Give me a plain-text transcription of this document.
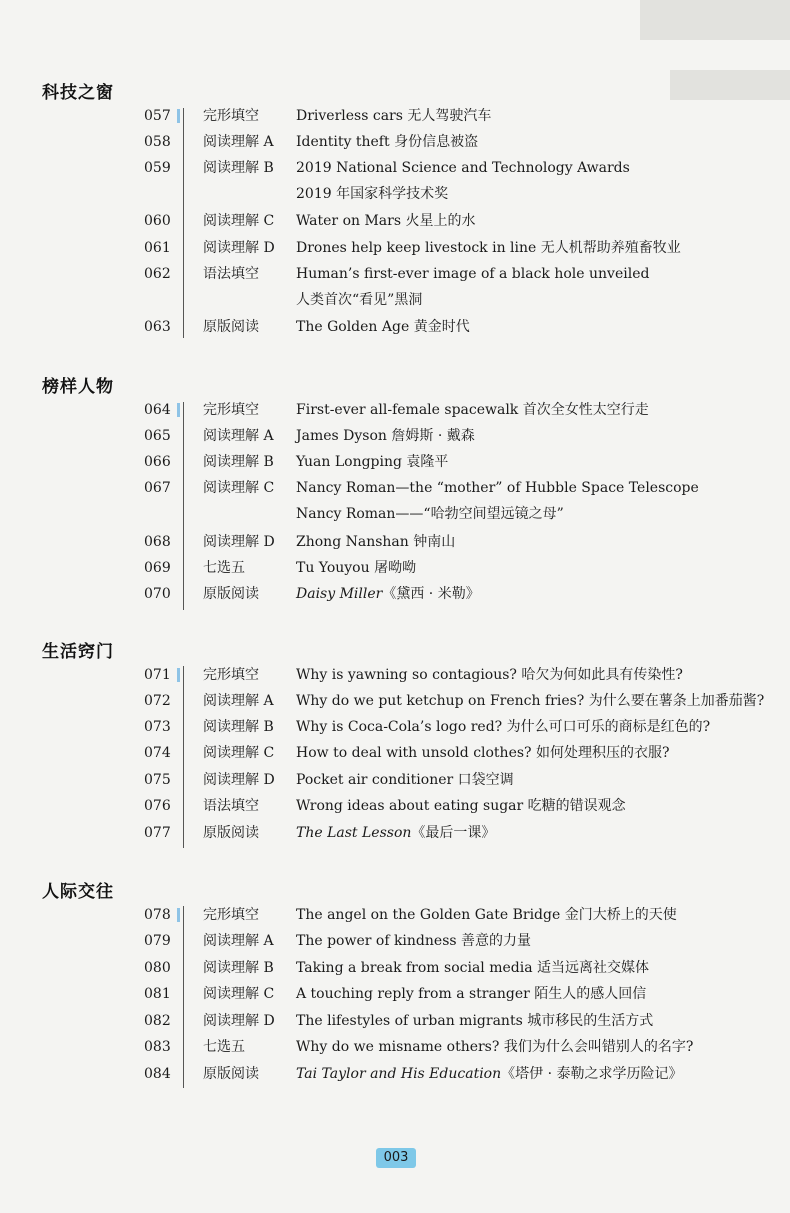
科技之窗
057	完形填空	Driverless cars 无人驾驶汽车
058	阅读理解 A	Identity theft 身份信息被盗
059	阅读理解 B	2019 National Science and Technology Awards
2019 年国家科学技术奖
060	阅读理解 C	Water on Mars 火星上的水
061	阅读理解 D	Drones help keep livestock in line 无人机帮助养殖畜牧业
062	语法填空	Human’s first-ever image of a black hole unveiled
人类首次“看见”黑洞
063	原版阅读	The Golden Age 黄金时代
榜样人物
064	完形填空	First-ever all-female spacewalk 首次全女性太空行走
065	阅读理解 A	James Dyson 詹姆斯 · 戴森
066	阅读理解 B	Yuan Longping 袁隆平
067	阅读理解 C	Nancy Roman—the “mother” of Hubble Space Telescope
Nancy Roman——“哈勃空间望远镜之母”
068	阅读理解 D	Zhong Nanshan 钟南山
069	七选五	Tu Youyou 屠呦呦
070	原版阅读	Daisy Miller《黛西 · 米勒》
生活窍门
071	完形填空	Why is yawning so contagious? 哈欠为何如此具有传染性?
072	阅读理解 A	Why do we put ketchup on French fries? 为什么要在薯条上加番茄酱?
073	阅读理解 B	Why is Coca-Cola’s logo red? 为什么可口可乐的商标是红色的?
074	阅读理解 C	How to deal with unsold clothes? 如何处理积压的衣服?
075	阅读理解 D	Pocket air conditioner 口袋空调
076	语法填空	Wrong ideas about eating sugar 吃糖的错误观念
077	原版阅读	The Last Lesson《最后一课》
人际交往
078	完形填空	The angel on the Golden Gate Bridge 金门大桥上的天使
079	阅读理解 A	The power of kindness 善意的力量
080	阅读理解 B	Taking a break from social media 适当远离社交媒体
081	阅读理解 C	A touching reply from a stranger 陌生人的感人回信
082	阅读理解 D	The lifestyles of urban migrants 城市移民的生活方式
083	七选五	Why do we misname others? 我们为什么会叫错别人的名字?
084	原版阅读	Tai Taylor and His Education《塔伊 · 泰勒之求学历险记》
003
